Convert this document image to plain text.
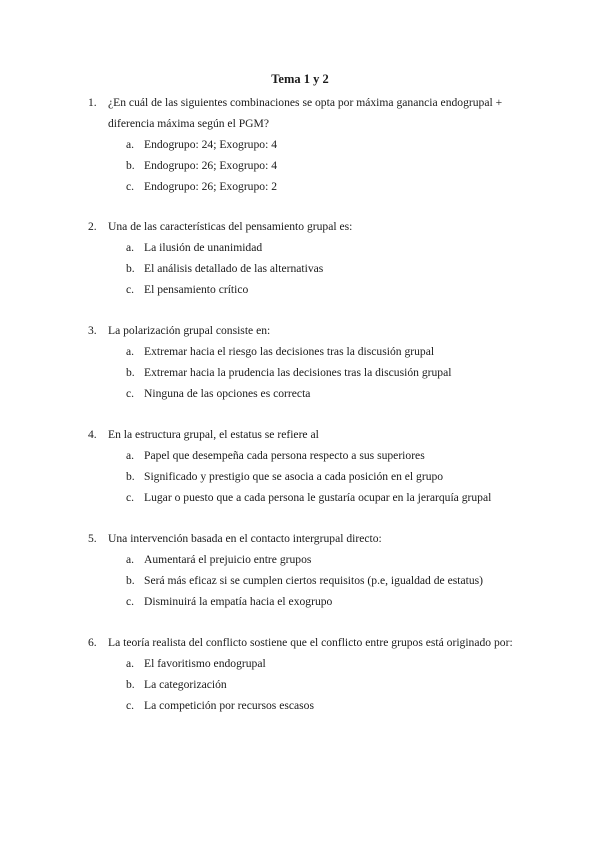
Tema 1 y 2
1. ¿En cuál de las siguientes combinaciones se opta por máxima ganancia endogrupal + diferencia máxima según el PGM?
a. Endogrupo: 24; Exogrupo: 4
b. Endogrupo: 26; Exogrupo: 4
c. Endogrupo: 26; Exogrupo: 2
2. Una de las características del pensamiento grupal es:
a. La ilusión de unanimidad
b. El análisis detallado de las alternativas
c. El pensamiento crítico
3. La polarización grupal consiste en:
a. Extremar hacia el riesgo las decisiones tras la discusión grupal
b. Extremar hacia la prudencia las decisiones tras la discusión grupal
c. Ninguna de las opciones es correcta
4. En la estructura grupal, el estatus se refiere al
a. Papel que desempeña cada persona respecto a sus superiores
b. Significado y prestigio que se asocia a cada posición en el grupo
c. Lugar o puesto que a cada persona le gustaría ocupar en la jerarquía grupal
5. Una intervención basada en el contacto intergrupal directo:
a. Aumentará el prejuicio entre grupos
b. Será más eficaz si se cumplen ciertos requisitos (p.e, igualdad de estatus)
c. Disminuirá la empatía hacia el exogrupo
6. La teoría realista del conflicto sostiene que el conflicto entre grupos está originado por:
a. El favoritismo endogrupal
b. La categorización
c. La competición por recursos escasos
